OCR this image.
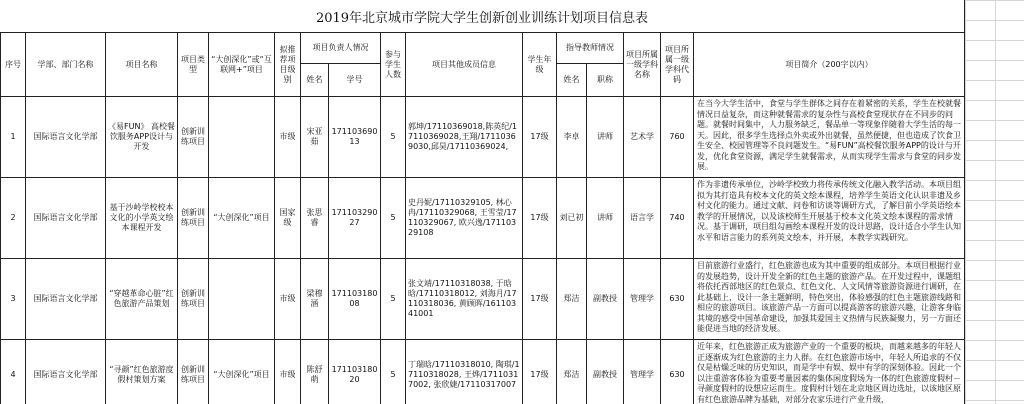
2019年北京城市学院大学生创新创业训练计划项目信息表
序号	学部、部门名称	项目名称	项目类型	“大创深化”或“互联网+”项目	拟推荐项目级别	项目负责人情况		参与学生人数	项目其他成员信息	学生年级	指导教师情况		项目所属一级学科名称	项目所属一级学科代码	项目简介（200字以内）
						姓名	学号				姓名	职称			
1	国际语言文化学部	《易FUN》 高校餐饮服务APP设计与开发	创新训练项目		市级	宋亚茹	17110369013	5	郭坤/17110369018,陈英纪/17110369028,王翔/17110369030,邱昊/17110369024,	17级	李卓	讲师	艺术学	760	在当今大学生活中，食堂与学生群体之间存在着紧密的关系，学生在校就餐情况日益复杂，而这种就餐需求的复杂性与高校食堂现状存在不同步的问题。就餐时间集中，人力服务缺乏，餐品单一等现象伴随着大学生活的每一天。因此，很多学生选择点外卖或外出就餐，虽然便捷，但也造成了饮食卫生安全、校园管理等不良问题发生。“易FUN”高校餐饮服务APP的设计与开发，优化食堂资源，满足学生就餐需求，从而实现学生需求与食堂的同步发展。

2	国际语言文化学部	基于沙岭学校校本文化的小学英文绘本课程开发	创新训练项目	“大创深化”项目	国家级	张思睿	17110329027	5	史丹妮/17110329105, 林心冉/17110329068, 王雪莹/17110329067, 欧兴逸/17110329108	17级	刘已初	讲师	语言学	740	作为非遗传承单位，沙岭学校致力将传承传统文化融入教学活动。本项目组拟为其打造具有校本文化的英文绘本课程，培养学生英语文化认识非遗及乡村文化的能力。通过文献、问卷和访谈等调研方式，了解目前小学英语绘本教学的开展情况，以及该校师生开展基于校本文化英文绘本课程的需求情况。基于调研，项目组勾画绘本课程开发的设计思路，设计适合小学生认知水平和语言能力的系列英文绘本，并开展，本教学实践研究。

3	国际语言文化学部	“穿越革命心脏”红色旅游产品策划	创新训练项目		市级	梁穆涵	17110318008	5	张文靖/17110318038, 于晗晗/17110318012, 刘海月/17110318036, 黄顾晖/16110341001	17级	郑洁	副教授	管理学	630	目前旅游行业盛行，红色旅游也成为其中重要的组成部分。本项目根据行业的发展趋势，设计开发全新的红色主题的旅游产品。在开发过程中，课题组将依托西部地区的红色景点、红色文化、人文风情等旅游资源进行调研，在此基础上，设计一条主题鲜明，特色突出，体验感强的红色主题旅游线路和相应的旅游项目。该旅游产品一方面可以提高游客的旅游兴趣，让游客身临其境的感受中国革命建设，加强其爱国主义热情与民族凝聚力，另一方面还能促进当地的经济发展。

4	国际语言文化学部	“寻颜”红色旅游度假村策划方案	创新训练项目	“大创深化”项目	市级	陈舒萌	17110318020	5	丁瑞晗/17110318010, 陶琪/17110318028, 王烨/17110317002, 张欣婕/17110317007	17级	郑洁	副教授	管理学	630	近年来，红色旅游正成为旅游产业的一个重要的板块，而越来越多的年轻人正逐渐成为红色旅游的主力人群。在红色旅游市场中，年轻人所追求的不仅仅是枯燥乏味的历史知识，而是学中有娱、娱中有学的深刻体验。因此一个以注重游客体验为重要考量因素的集体闲度假场为一体的红色旅游度假村－寻颜度假村的设想应运而生。度假村计划在北京地区周边选址，以该地区原有红色旅游品牌为基础，对部分农家乐进行产业升级，
